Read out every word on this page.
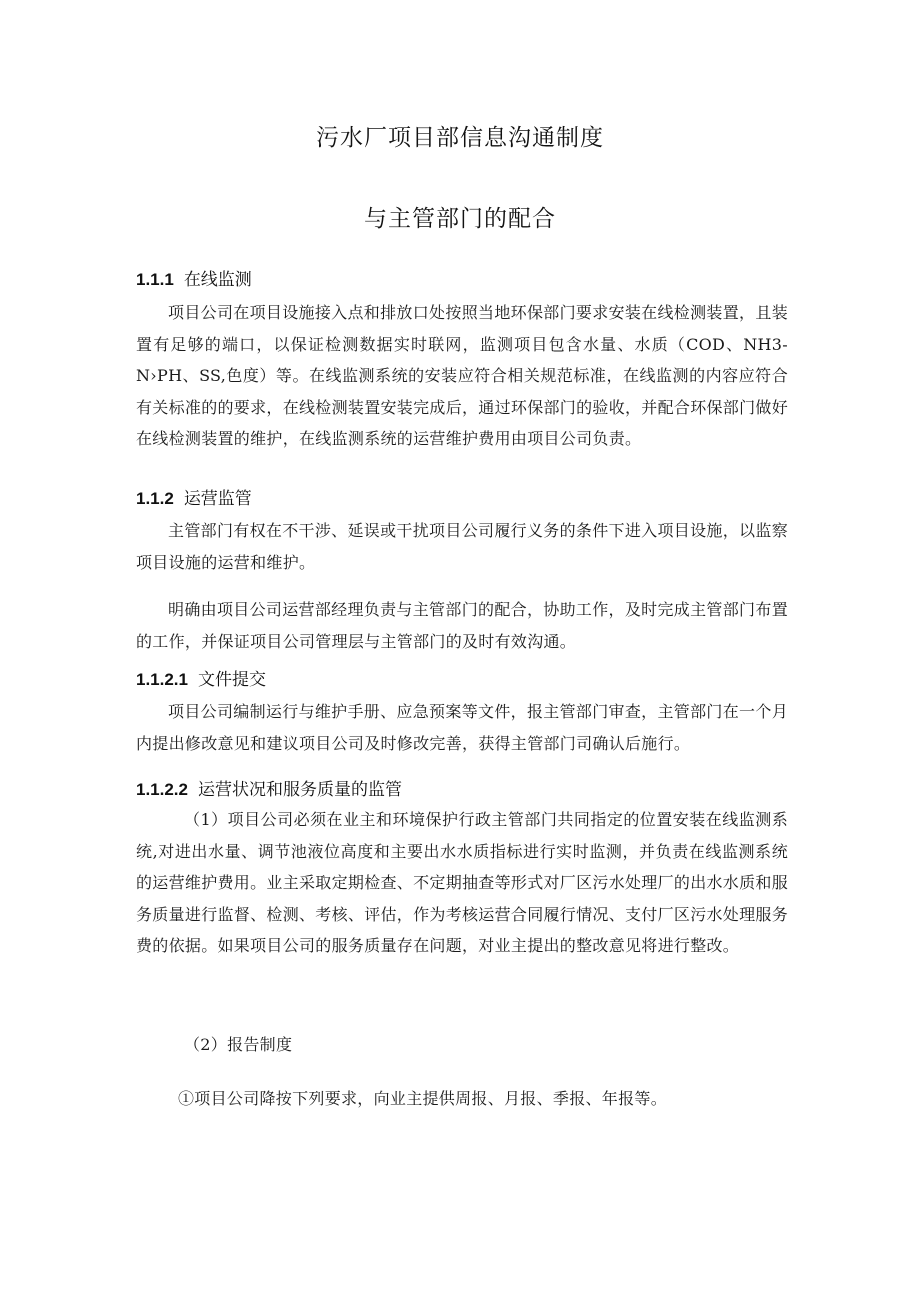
污水厂项目部信息沟通制度
与主管部门的配合
1.1.1 在线监测
项目公司在项目设施接入点和排放口处按照当地环保部门要求安装在线检测装置，且装置有足够的端口，以保证检测数据实时联网，监测项目包含水量、水质（COD、NH3-N›PH、SS,色度）等。在线监测系统的安装应符合相关规范标准，在线监测的内容应符合有关标准的的要求，在线检测装置安装完成后，通过环保部门的验收，并配合环保部门做好在线检测装置的维护，在线监测系统的运营维护费用由项目公司负责。
1.1.2 运营监管
主管部门有权在不干涉、延误或干扰项目公司履行义务的条件下进入项目设施，以监察项目设施的运营和维护。
明确由项目公司运营部经理负责与主管部门的配合，协助工作，及时完成主管部门布置的工作，并保证项目公司管理层与主管部门的及时有效沟通。
1.1.2.1 文件提交
项目公司编制运行与维护手册、应急预案等文件，报主管部门审查，主管部门在一个月内提出修改意见和建议项目公司及时修改完善，获得主管部门司确认后施行。
1.1.2.2 运营状况和服务质量的监管
（1）项目公司必须在业主和环境保护行政主管部门共同指定的位置安装在线监测系统,对进出水量、调节池液位高度和主要出水水质指标进行实时监测，并负责在线监测系统的运营维护费用。业主采取定期检查、不定期抽查等形式对厂区污水处理厂的出水水质和服务质量进行监督、检测、考核、评估，作为考核运营合同履行情况、支付厂区污水处理服务费的依据。如果项目公司的服务质量存在问题，对业主提出的整改意见将进行整改。
（2）报告制度
①项目公司降按下列要求，向业主提供周报、月报、季报、年报等。
